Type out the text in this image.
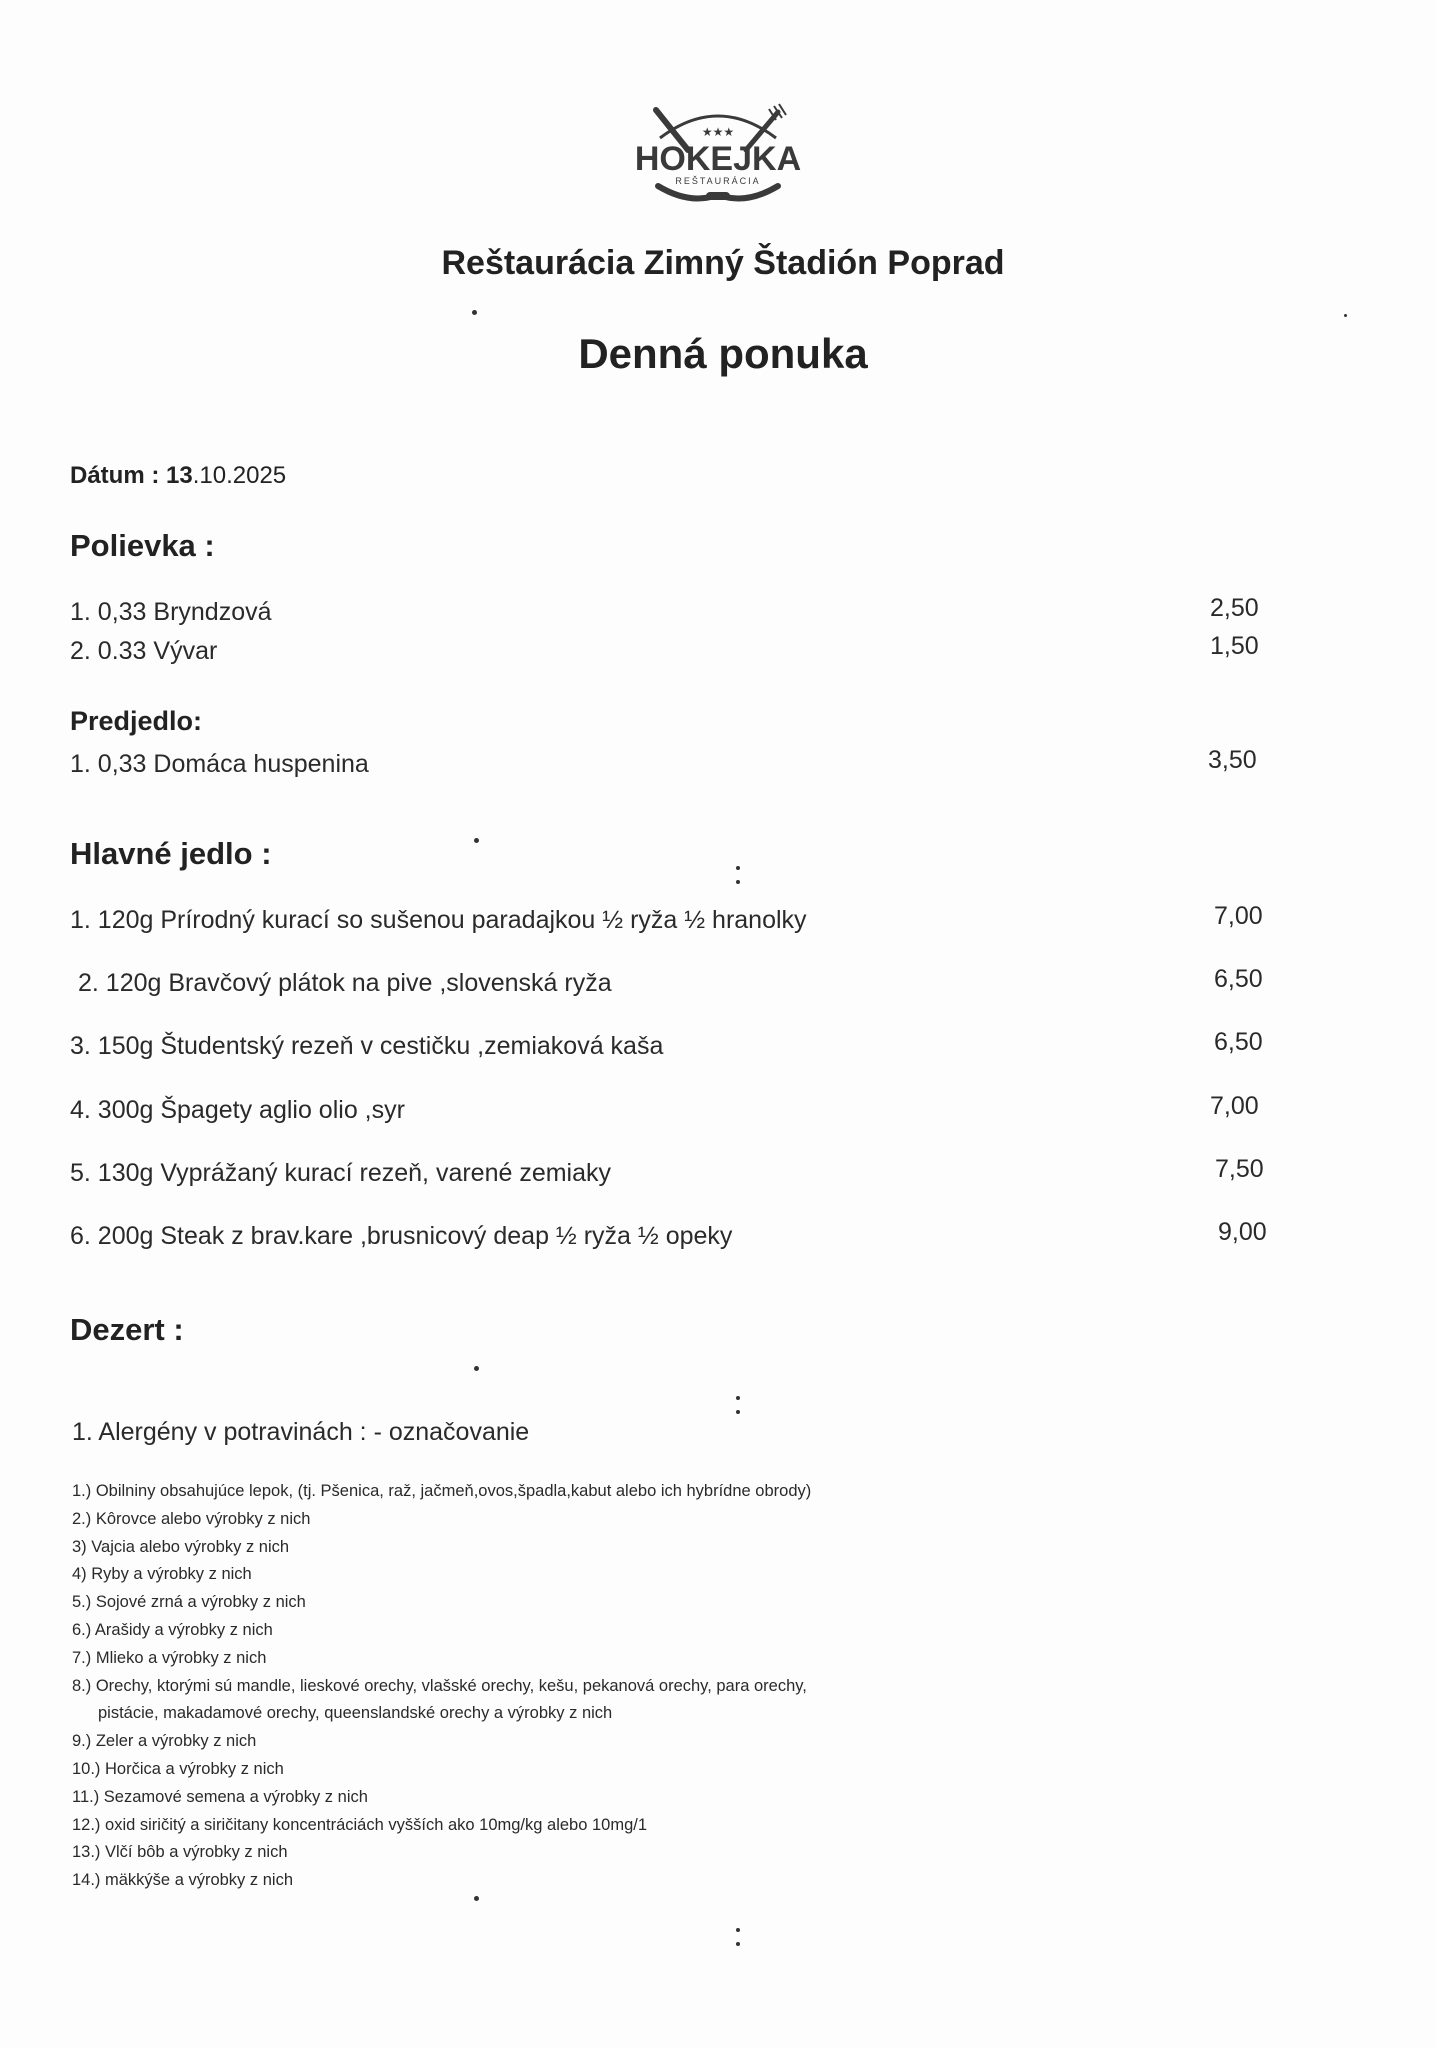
★★★
HOKEJKA
REŠTAURÁCIA
Reštaurácia Zimný Štadión Poprad
Denná ponuka
Dátum : 13.10.2025
Polievka :
1. 0,33 Bryndzová	2,50
2. 0.33 Vývar	1,50
Predjedlo:
1. 0,33 Domáca huspenina	3,50
Hlavné jedlo :
1. 120g Prírodný kurací so sušenou paradajkou ½ ryža ½ hranolky	7,00
2. 120g Bravčový plátok na pive ,slovenská ryža	6,50
3. 150g Študentský rezeň v cestičku ,zemiaková kaša	6,50
4. 300g Špagety aglio olio ,syr	7,00
5. 130g Vyprážaný kurací rezeň, varené zemiaky	7,50
6. 200g Steak z brav.kare ,brusnicový deap ½ ryža ½ opeky	9,00
Dezert :
1. Alergény v potravinách : - označovanie
1.) Obilniny obsahujúce lepok, (tj. Pšenica, raž, jačmeň,ovos,špadla,kabut alebo ich hybrídne obrody)
2.) Kôrovce alebo výrobky z nich
3) Vajcia alebo výrobky z nich
4) Ryby a výrobky z nich
5.) Sojové zrná a výrobky z nich
6.) Arašidy a výrobky z nich
7.) Mlieko a výrobky z nich
8.) Orechy, ktorými sú mandle, lieskové orechy, vlašské orechy, kešu, pekanová orechy, para orechy,
pistácie, makadamové orechy, queenslandské orechy a výrobky z nich
9.) Zeler a výrobky z nich
10.) Horčica a výrobky z nich
11.) Sezamové semena a výrobky z nich
12.) oxid siričitý a siričitany koncentráciách vyšších ako 10mg/kg alebo 10mg/1
13.) Vlčí bôb a výrobky z nich
14.) mäkkýše a výrobky z nich
